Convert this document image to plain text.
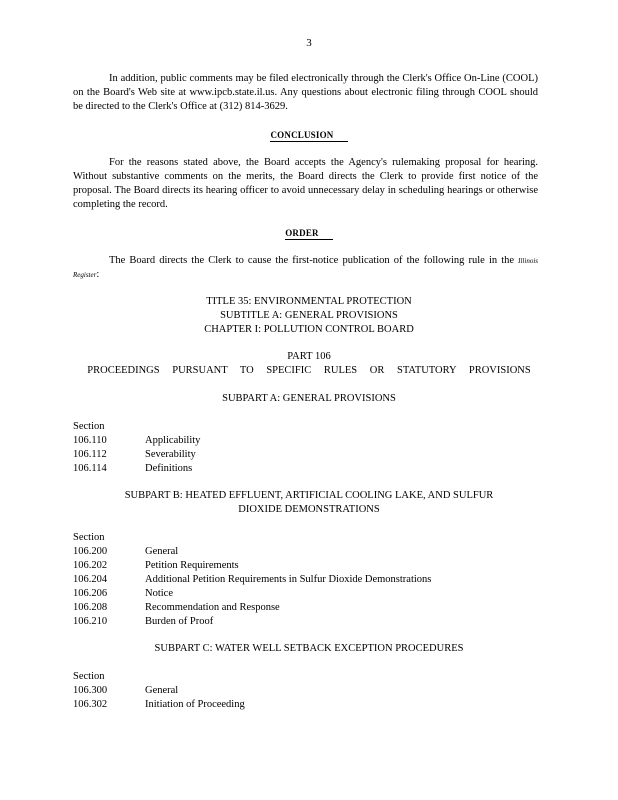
3
In addition, public comments may be filed electronically through the Clerk's Office On-Line (COOL) on the Board's Web site at www.ipcb.state.il.us. Any questions about electronic filing through COOL should be directed to the Clerk's Office at (312) 814-3629.
CONCLUSION
For the reasons stated above, the Board accepts the Agency's rulemaking proposal for hearing. Without substantive comments on the merits, the Board directs the Clerk to provide first notice of the proposal. The Board directs its hearing officer to avoid unnecessary delay in scheduling hearings or otherwise completing the record.
ORDER
The Board directs the Clerk to cause the first-notice publication of the following rule in the Illinois Register:
TITLE 35: ENVIRONMENTAL PROTECTION
SUBTITLE A: GENERAL PROVISIONS
CHAPTER I: POLLUTION CONTROL BOARD
PART 106
PROCEEDINGS PURSUANT TO SPECIFIC RULES OR STATUTORY PROVISIONS
SUBPART A: GENERAL PROVISIONS
Section
106.110	Applicability
106.112	Severability
106.114	Definitions
SUBPART B: HEATED EFFLUENT, ARTIFICIAL COOLING LAKE, AND SULFUR
DIOXIDE DEMONSTRATIONS
Section
106.200	General
106.202	Petition Requirements
106.204	Additional Petition Requirements in Sulfur Dioxide Demonstrations
106.206	Notice
106.208	Recommendation and Response
106.210	Burden of Proof
SUBPART C: WATER WELL SETBACK EXCEPTION PROCEDURES
Section
106.300	General
106.302	Initiation of Proceeding
